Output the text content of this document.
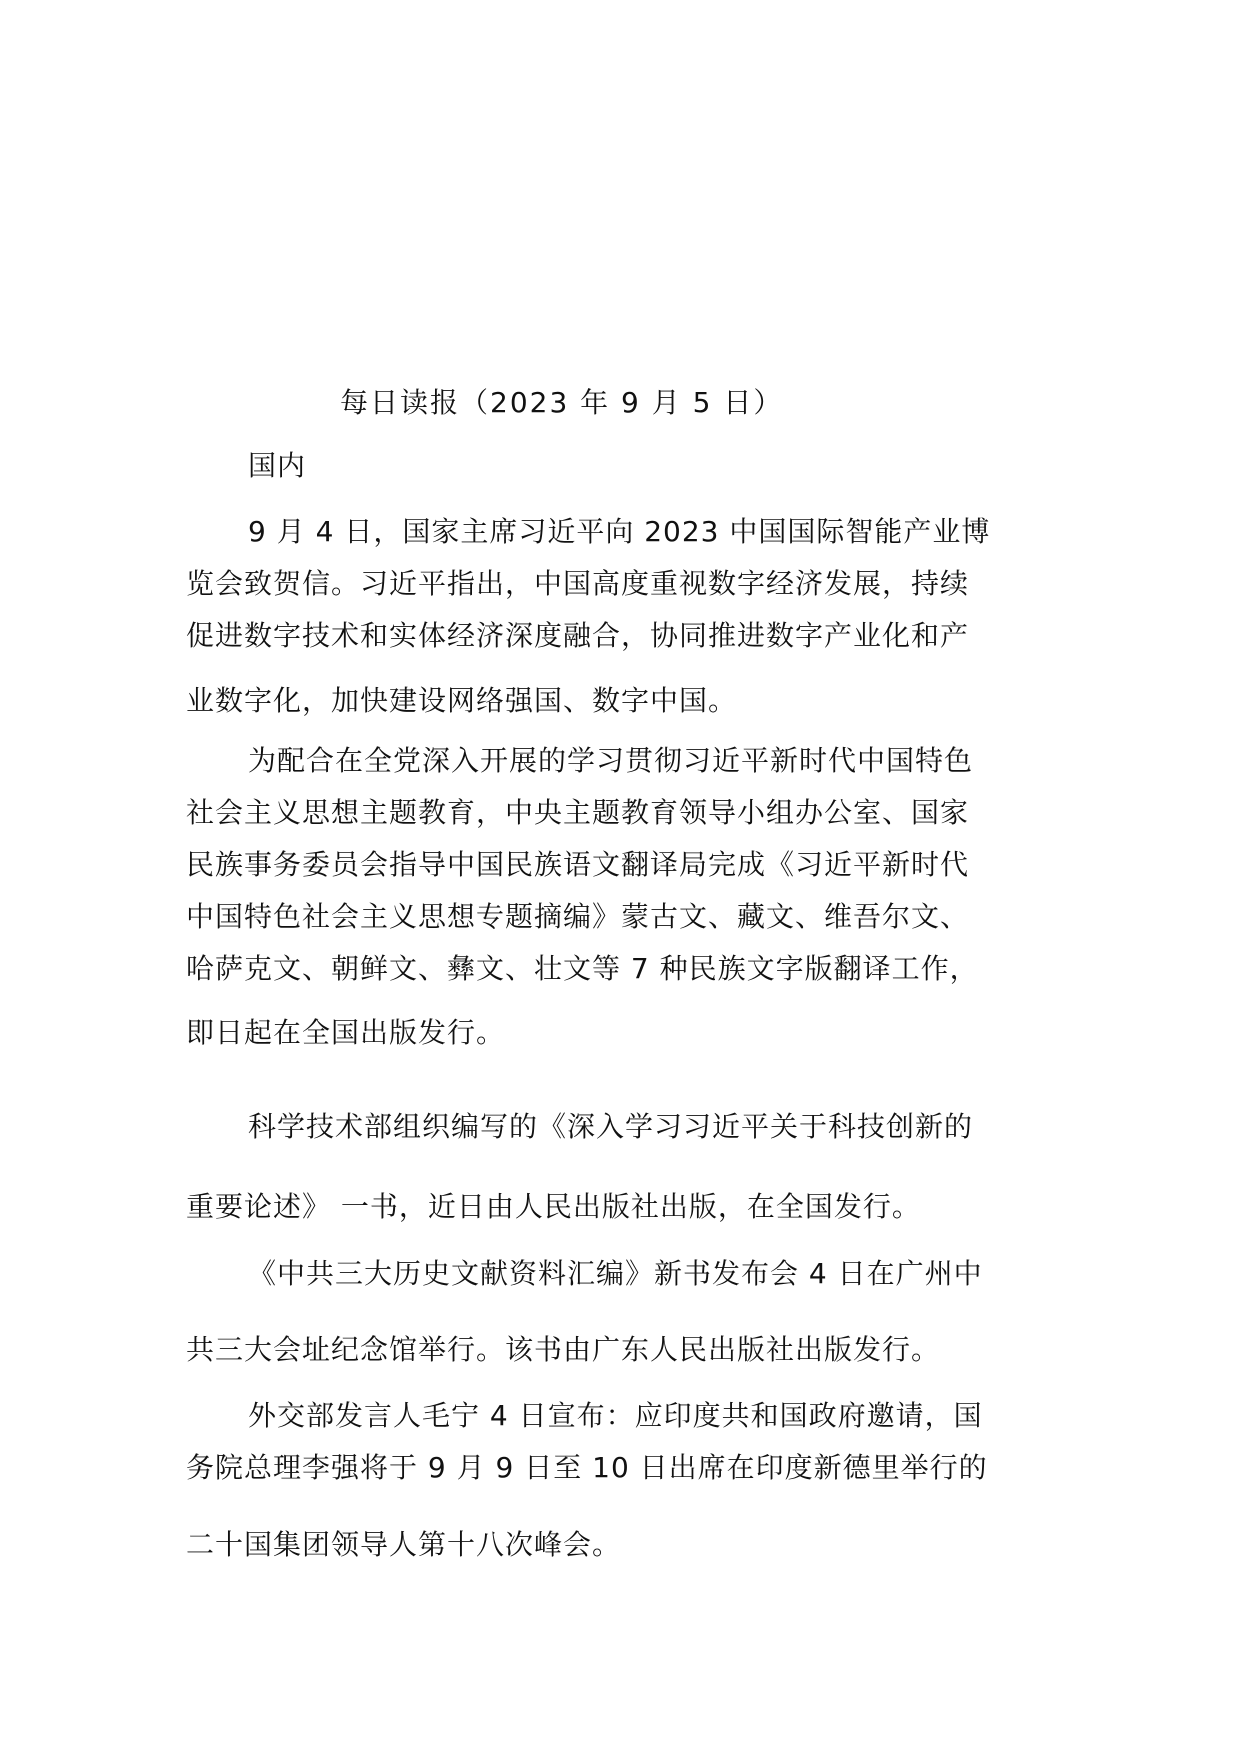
每日读报（2023 年 9 月 5 日）
国内
9 月 4 日，国家主席习近平向 2023 中国国际智能产业博
览会致贺信。习近平指出，中国高度重视数字经济发展，持续
促进数字技术和实体经济深度融合，协同推进数字产业化和产
业数字化，加快建设网络强国、数字中国。
为配合在全党深入开展的学习贯彻习近平新时代中国特色
社会主义思想主题教育，中央主题教育领导小组办公室、国家
民族事务委员会指导中国民族语文翻译局完成《习近平新时代
中国特色社会主义思想专题摘编》蒙古文、藏文、维吾尔文、
哈萨克文、朝鲜文、彝文、壮文等 7 种民族文字版翻译工作，
即日起在全国出版发行。
科学技术部组织编写的《深入学习习近平关于科技创新的
重要论述》 一书，近日由人民出版社出版，在全国发行。
《中共三大历史文献资料汇编》新书发布会 4 日在广州中
共三大会址纪念馆举行。该书由广东人民出版社出版发行。
外交部发言人毛宁 4 日宣布：应印度共和国政府邀请，国
务院总理李强将于 9 月 9 日至 10 日出席在印度新德里举行的
二十国集团领导人第十八次峰会。
